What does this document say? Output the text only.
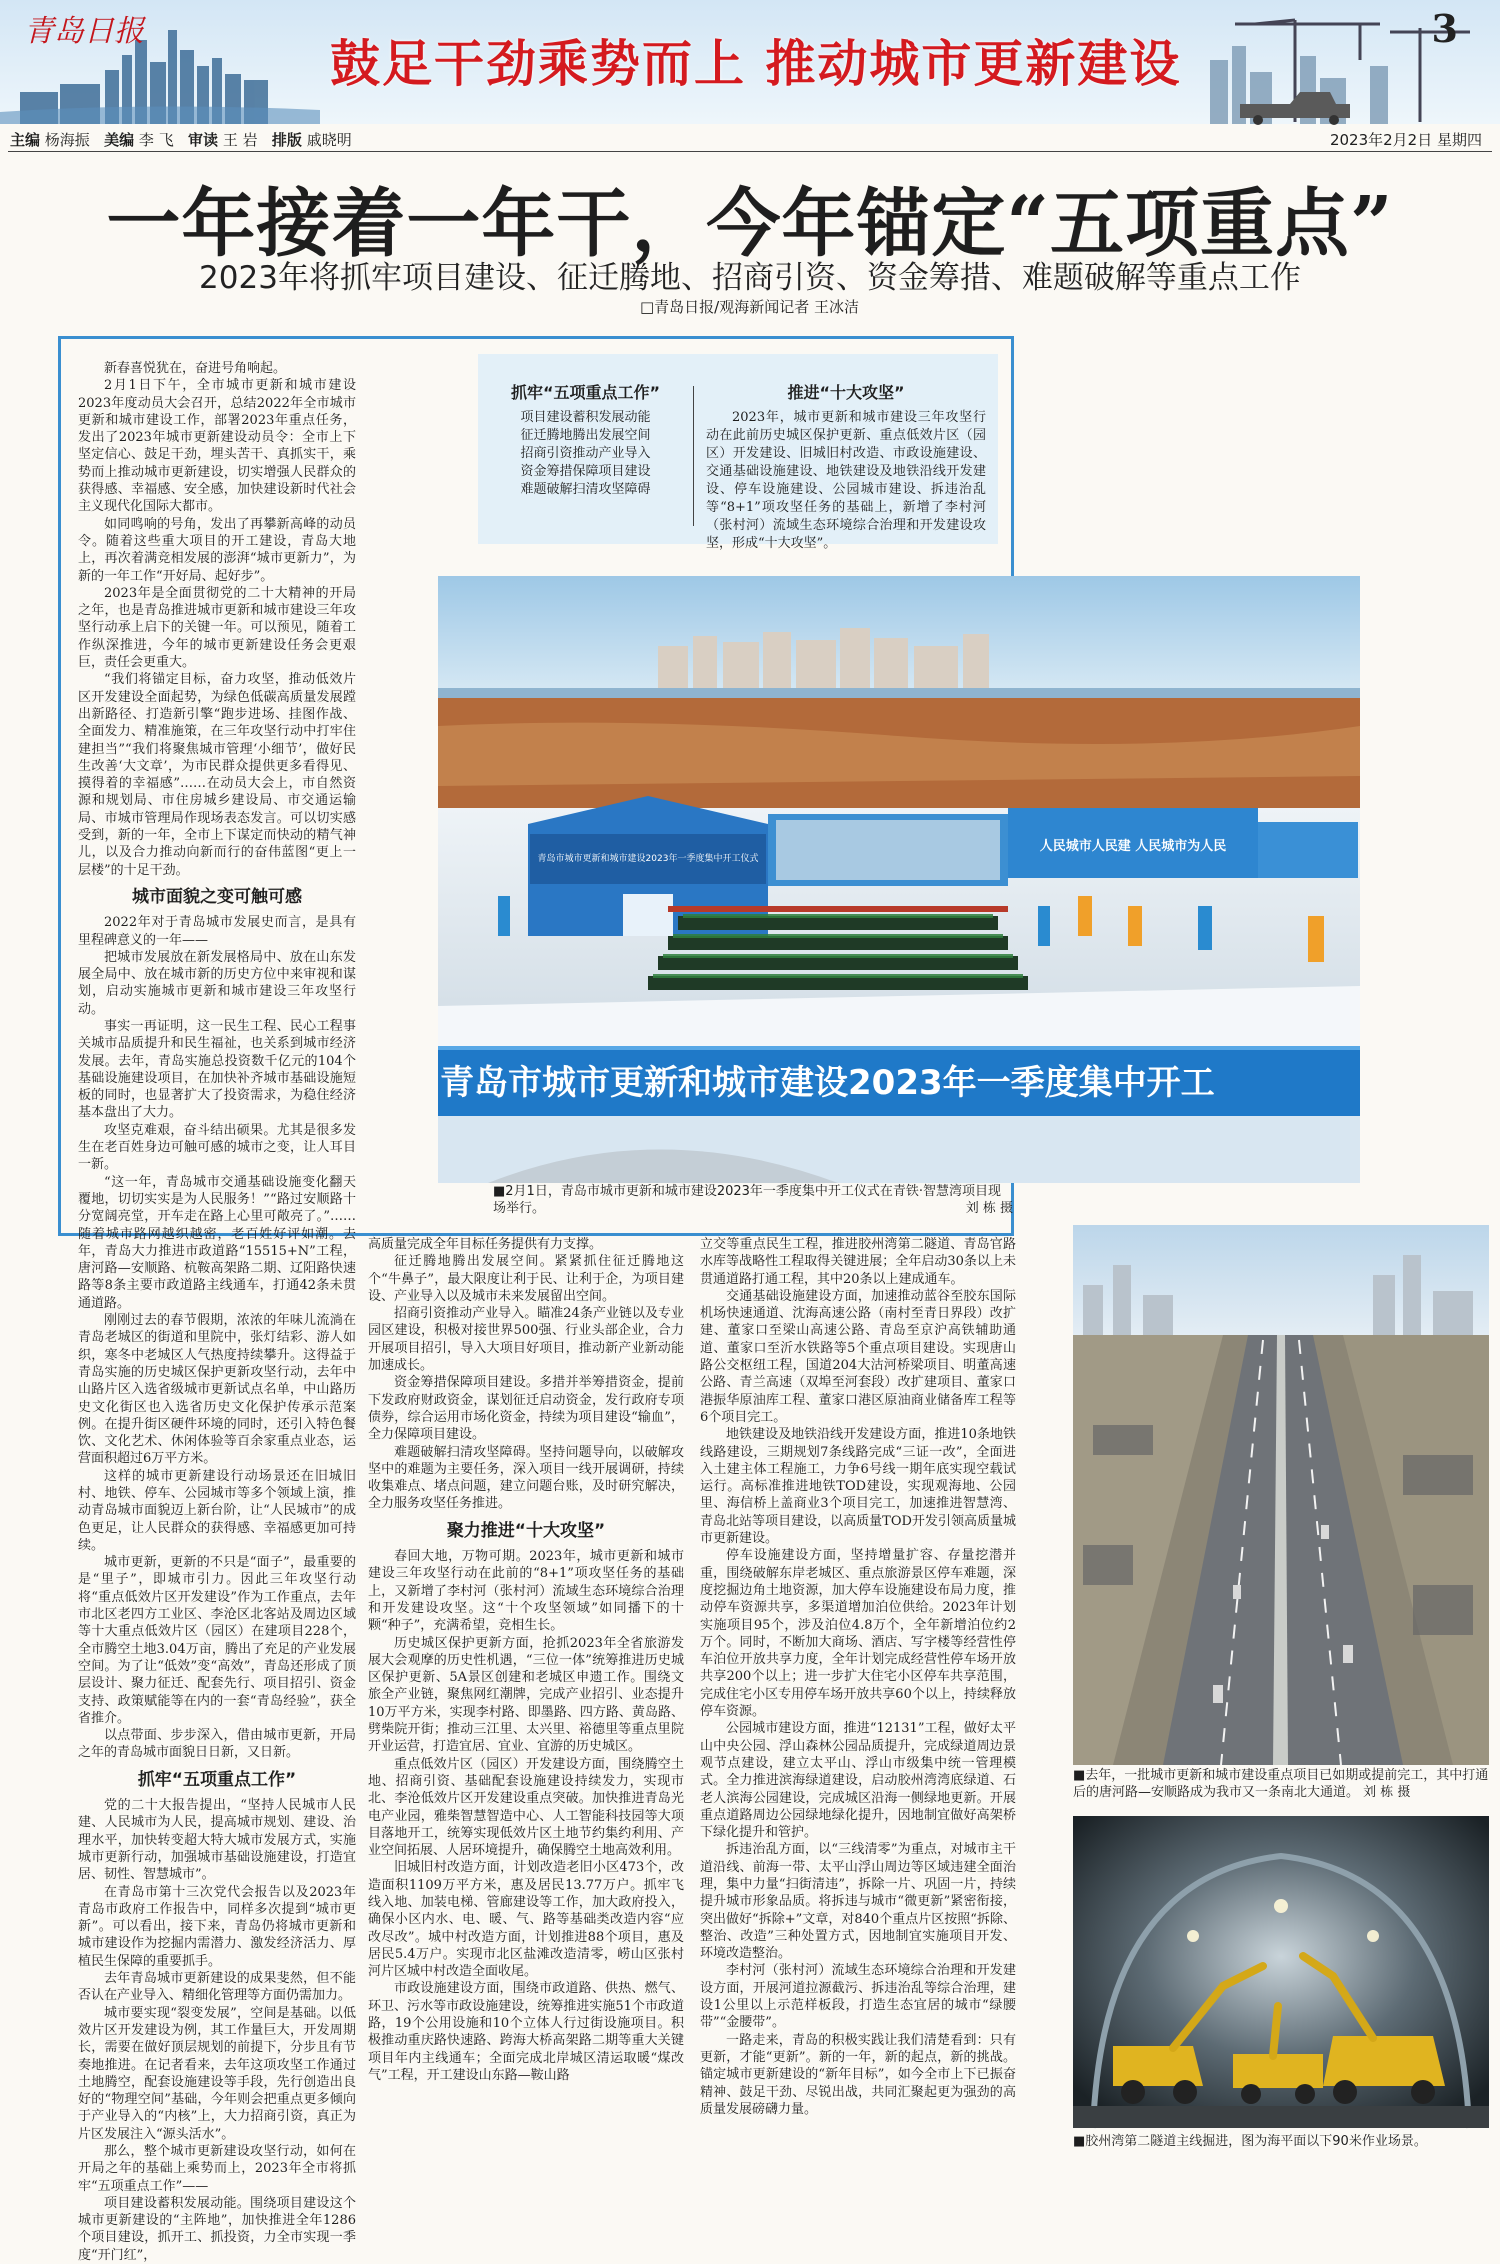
青岛日报
鼓足干劲乘势而上 推动城市更新建设
3
主编 杨海振 美编 李 飞 审读 王 岩 排版 戚晓明	2023年2月2日 星期四
一年接着一年干，今年锚定“五项重点”
2023年将抓牢项目建设、征迁腾地、招商引资、资金筹措、难题破解等重点工作
□青岛日报/观海新闻记者 王冰洁

新春喜悦犹在，奋进号角响起。

2月1日下午，全市城市更新和城市建设2023年度动员大会召开，总结2022年全市城市更新和城市建设工作，部署2023年重点任务，发出了2023年城市更新建设动员令：全市上下坚定信心、鼓足干劲，埋头苦干、真抓实干，乘势而上推动城市更新建设，切实增强人民群众的获得感、幸福感、安全感，加快建设新时代社会主义现代化国际大都市。

如同鸣响的号角，发出了再攀新高峰的动员令。随着这些重大项目的开工建设，青岛大地上，再次着满竞相发展的澎湃“城市更新力”，为新的一年工作“开好局、起好步”。

2023年是全面贯彻党的二十大精神的开局之年，也是青岛推进城市更新和城市建设三年攻坚行动承上启下的关键一年。可以预见，随着工作纵深推进，今年的城市更新建设任务会更艰巨，责任会更重大。

“我们将锚定目标，奋力攻坚，推动低效片区开发建设全面起势，为绿色低碳高质量发展蹚出新路径、打造新引擎“跑步进场、挂图作战、全面发力、精准施策，在三年攻坚行动中打牢住建担当”“我们将聚焦城市管理‘小细节’，做好民生改善‘大文章’，为市民群众提供更多看得见、摸得着的幸福感”……在动员大会上，市自然资源和规划局、市住房城乡建设局、市交通运输局、市城市管理局作现场表态发言。可以切实感受到，新的一年，全市上下谋定而快动的精气神儿，以及合力推动向新而行的奋伟蓝图“更上一层楼”的十足干劲。

城市面貌之变可触可感

2022年对于青岛城市发展史而言，是具有里程碑意义的一年——

把城市发展放在新发展格局中、放在山东发展全局中、放在城市新的历史方位中来审视和谋划，启动实施城市更新和城市建设三年攻坚行动。

事实一再证明，这一民生工程、民心工程事关城市品质提升和民生福祉，也关系到城市经济发展。去年，青岛实施总投资数千亿元的104个基础设施建设项目，在加快补齐城市基础设施短板的同时，也显著扩大了投资需求，为稳住经济基本盘出了大力。

攻坚克难艰，奋斗结出硕果。尤其是很多发生在老百姓身边可触可感的城市之变，让人耳目一新。

“这一年，青岛城市交通基础设施变化翻天覆地，切切实实是为人民服务！”“路过安顺路十分宽阔亮堂，开车走在路上心里可敞亮了。”……随着城市路网越织越密，老百姓好评如潮。去年，青岛大力推进市政道路“15515+N”工程，唐河路—安顺路、杭鞍高架路二期、辽阳路快速路等8条主要市政道路主线通车，打通42条未贯通道路。

刚刚过去的春节假期，浓浓的年味儿流淌在青岛老城区的街道和里院中，张灯结彩、游人如织，寒冬中老城区人气热度持续攀升。这得益于青岛实施的历史城区保护更新攻坚行动，去年中山路片区入选省级城市更新试点名单，中山路历史文化街区也入选省历史文化保护传承示范案例。在提升街区硬件环境的同时，还引入特色餐饮、文化艺术、休闲体验等百余家重点业态，运营面积超过6万平方米。

这样的城市更新建设行动场景还在旧城旧村、地铁、停车、公园城市等多个领域上演，推动青岛城市面貌迈上新台阶，让“人民城市”的成色更足，让人民群众的获得感、幸福感更加可持续。

城市更新，更新的不只是“面子”，最重要的是“里子”，即城市引力。因此三年攻坚行动将“重点低效片区开发建设”作为工作重点，去年市北区老四方工业区、李沧区北客站及周边区域等十大重点低效片区（园区）在建项目228个，全市腾空土地3.04万亩，腾出了充足的产业发展空间。为了让“低效”变“高效”，青岛还形成了顶层设计、聚力征迁、配套先行、项目招引、资金支持、政策赋能等在内的一套“青岛经验”，获全省推介。

以点带面、步步深入，借由城市更新，开局之年的青岛城市面貌日日新，又日新。

抓牢“五项重点工作”

党的二十大报告提出，“坚持人民城市人民建、人民城市为人民，提高城市规划、建设、治理水平，加快转变超大特大城市发展方式，实施城市更新行动，加强城市基础设施建设，打造宜居、韧性、智慧城市”。

在青岛市第十三次党代会报告以及2023年青岛市政府工作报告中，同样多次提到“城市更新”。可以看出，接下来，青岛仍将城市更新和城市建设作为挖掘内需潜力、激发经济活力、厚植民生保障的重要抓手。

去年青岛城市更新建设的成果斐然，但不能否认在产业导入、精细化管理等方面仍需加力。

城市要实现“裂变发展”，空间是基础。以低效片区开发建设为例，其工作量巨大，开发周期长，需要在做好顶层规划的前提下，分步且有节奏地推进。在记者看来，去年这项攻坚工作通过土地腾空，配套设施建设等手段，先行创造出良好的“物理空间”基础，今年则会把重点更多倾向于产业导入的“内核”上，大力招商引资，真正为片区发展注入“源头活水”。

那么，整个城市更新建设攻坚行动，如何在开局之年的基础上乘势而上，2023年全市将抓牢“五项重点工作”——

项目建设蓄积发展动能。围绕项目建设这个城市更新建设的“主阵地”，加快推进全年1286个项目建设，抓开工、抓投资，力全市实现一季度“开门红”，

抓牢“五项重点工作”
项目建设蓄积发展动能
征迁腾地腾出发展空间
招商引资推动产业导入
资金筹措保障项目建设
难题破解扫清攻坚障碍
推进“十大攻坚”

2023年，城市更新和城市建设三年攻坚行动在此前历史城区保护更新、重点低效片区（园区）开发建设、旧城旧村改造、市政设施建设、交通基础设施建设、地铁建设及地铁沿线开发建设、停车设施建设、公园城市建设、拆违治乱等“8+1”项攻坚任务的基础上，新增了李村河（张村河）流域生态环境综合治理和开发建设攻坚，形成“十大攻坚”。

青岛市城市更新和城市建设2023年一季度集中开工仪式
人民城市人民建 人民城市为人民
青岛市城市更新和城市建设2023年一季度集中开工
■2月1日，青岛市城市更新和城市建设2023年一季度集中开工仪式在青铁·智慧湾项目现场举行。	刘 栋 摄

高质量完成全年目标任务提供有力支撑。

征迁腾地腾出发展空间。紧紧抓住征迁腾地这个“牛鼻子”，最大限度让利于民、让利于企，为项目建设、产业导入以及城市未来发展留出空间。

招商引资推动产业导入。瞄准24条产业链以及专业园区建设，积极对接世界500强、行业头部企业，合力开展项目招引，导入大项目好项目，推动新产业新动能加速成长。

资金筹措保障项目建设。多措并举筹措资金，提前下发政府财政资金，谋划征迁启动资金，发行政府专项债券，综合运用市场化资金，持续为项目建设“输血”，全力保障项目建设。

难题破解扫清攻坚障碍。坚持问题导向，以破解攻坚中的难题为主要任务，深入项目一线开展调研，持续收集难点、堵点问题，建立问题台账，及时研究解决，全力服务攻坚任务推进。

聚力推进“十大攻坚”

春回大地，万物可期。2023年，城市更新和城市建设三年攻坚行动在此前的“8+1”项攻坚任务的基础上，又新增了李村河（张村河）流域生态环境综合治理和开发建设攻坚。这“十个攻坚领域”如同播下的十颗“种子”，充满希望，竞相生长。

历史城区保护更新方面，抢抓2023年全省旅游发展大会观摩的历史性机遇，“三位一体”统筹推进历史城区保护更新、5A景区创建和老城区申遗工作。围绕文旅全产业链，聚焦网红潮牌，完成产业招引、业态提升10万平方米，实现李村路、即墨路、四方路、黄岛路、劈柴院开街；推动三江里、太兴里、裕德里等重点里院开业运营，打造宜居、宜业、宜游的历史城区。

重点低效片区（园区）开发建设方面，围绕腾空土地、招商引资、基础配套设施建设持续发力，实现市北、李沧低效片区开发建设重点突破。加快推进青岛光电产业园，雅柴智慧智造中心、人工智能科技园等大项目落地开工，统筹实现低效片区土地节约集约利用、产业空间拓展、人居环境提升，确保腾空土地高效利用。

旧城旧村改造方面，计划改造老旧小区473个，改造面积1109万平方米，惠及居民13.77万户。抓牢飞线入地、加装电梯、管廊建设等工作，加大政府投入，确保小区内水、电、暖、气、路等基础类改造内容“应改尽改”。城中村改造方面，计划推进88个项目，惠及居民5.4万户。实现市北区盐滩改造清零，崂山区张村河片区城中村改造全面收尾。

市政设施建设方面，围绕市政道路、供热、燃气、环卫、污水等市政设施建设，统筹推进实施51个市政道路，19个公用设施和10个立体人行过街设施项目。积极推动重庆路快速路、跨海大桥高架路二期等重大关键项目年内主线通车；全面完成北岸城区清运取暖“煤改气”工程，开工建设山东路—鞍山路

立交等重点民生工程，推进胶州湾第二隧道、青岛官路水库等战略性工程取得关键进展；全年启动30条以上未贯通道路打通工程，其中20条以上建成通车。

交通基础设施建设方面，加速推动蓝谷至胶东国际机场快速通道、沈海高速公路（南村至青日界段）改扩建、董家口至梁山高速公路、青岛至京沪高铁辅助通道、董家口至沂水铁路等5个重点项目建设。实现唐山路公交枢纽工程，国道204大沽河桥梁项目、明董高速公路、青兰高速（双埠至河套段）改扩建项目、董家口港振华原油库工程、董家口港区原油商业储备库工程等6个项目完工。

地铁建设及地铁沿线开发建设方面，推进10条地铁线路建设，三期规划7条线路完成“三证一改”，全面进入土建主体工程施工，力争6号线一期年底实现空载试运行。高标准推进地铁TOD建设，实现观海地、公园里、海信桥上盖商业3个项目完工，加速推进智慧湾、青岛北站等项目建设，以高质量TOD开发引领高质量城市更新建设。

停车设施建设方面，坚持增量扩容、存量挖潜并重，围绕破解东岸老城区、重点旅游景区停车难题，深度挖掘边角土地资源，加大停车设施建设布局力度，推动停车资源共享，多渠道增加泊位供给。2023年计划实施项目95个，涉及泊位4.8万个，全年新增泊位约2万个。同时，不断加大商场、酒店、写字楼等经营性停车泊位开放共享力度，全年计划完成经营性停车场开放共享200个以上；进一步扩大住宅小区停车共享范围，完成住宅小区专用停车场开放共享60个以上，持续释放停车资源。

公园城市建设方面，推进“12131”工程，做好太平山中央公园、浮山森林公园品质提升，完成绿道周边景观节点建设，建立太平山、浮山市级集中统一管理模式。全力推进滨海绿道建设，启动胶州湾湾底绿道、石老人滨海公园建设，完成城区沿海一侧绿地更新。开展重点道路周边公园绿地绿化提升，因地制宜做好高架桥下绿化提升和管护。

拆违治乱方面，以“三线清零”为重点，对城市主干道沿线、前海一带、太平山浮山周边等区域违建全面治理，集中力量“扫街清违”，拆除一片、巩固一片，持续提升城市形象品质。将拆违与城市“微更新”紧密衔接，突出做好“拆除+”文章，对840个重点片区按照“拆除、整治、改造”三种处置方式，因地制宜实施项目开发、环境改造整治。

李村河（张村河）流域生态环境综合治理和开发建设方面，开展河道拉源截污、拆违治乱等综合治理，建设1公里以上示范样板段，打造生态宜居的城市“绿腰带”“金腰带”。

一路走来，青岛的积极实践让我们清楚看到：只有更新，才能“更新”。新的一年，新的起点，新的挑战。锚定城市更新建设的“新年目标”，如今全市上下已振奋精神、鼓足干劲、尽锐出战，共同汇聚起更为强劲的高质量发展磅礴力量。

■去年，一批城市更新和城市建设重点项目已如期或提前完工，其中打通后的唐河路—安顺路成为我市又一条南北大通道。 刘 栋 摄
■胶州湾第二隧道主线掘进，图为海平面以下90米作业场景。
